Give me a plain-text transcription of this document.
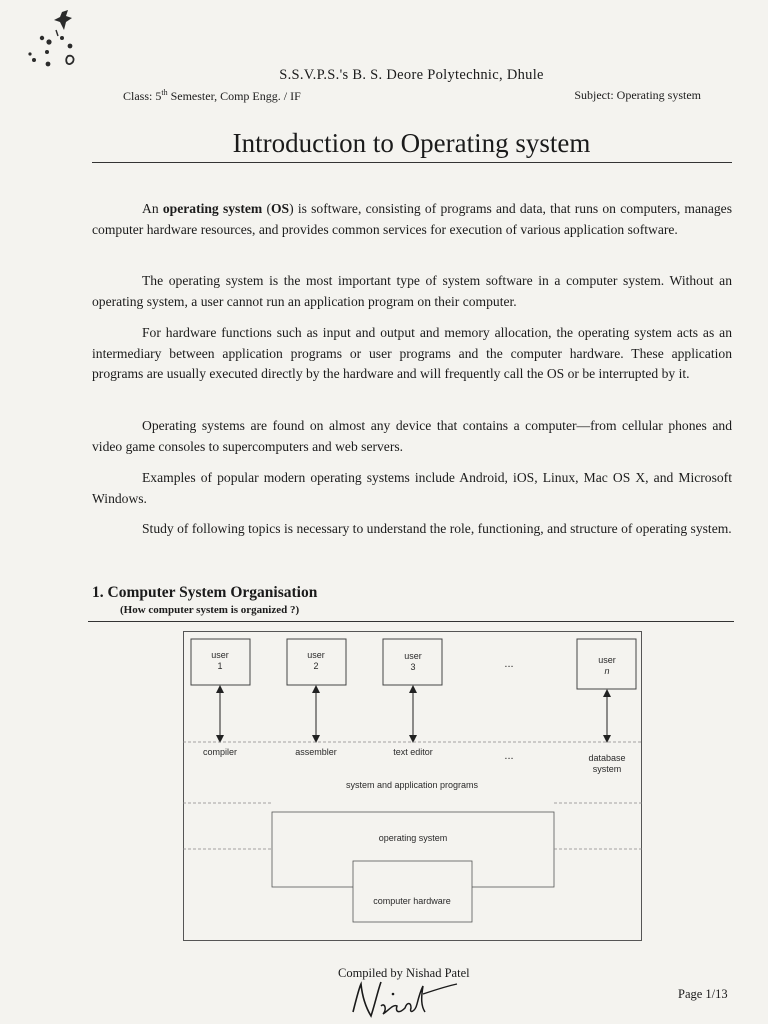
S.S.V.P.S.'s B. S. Deore Polytechnic, Dhule
Class: 5th Semester, Comp Engg. / IF	Subject: Operating system
Introduction to Operating system

An operating system (OS) is software, consisting of programs and data, that runs on computers, manages computer hardware resources, and provides common services for execution of various application software.

The operating system is the most important type of system software in a computer system. Without an operating system, a user cannot run an application program on their computer.

For hardware functions such as input and output and memory allocation, the operating system acts as an intermediary between application programs or user programs and the computer hardware. These application programs are usually executed directly by the hardware and will frequently call the OS or be interrupted by it.

Operating systems are found on almost any device that contains a computer—from cellular phones and video game consoles to supercomputers and web servers.

Examples of popular modern operating systems include Android, iOS, Linux, Mac OS X, and Microsoft Windows.

Study of following topics is necessary to understand the role, functioning, and structure of operating system.

1. Computer System Organisation
(How computer system is organized ?)
user
1
user
2
user
3
user
n
...
compiler	assembler	text editor	...	database
system
system and application programs
operating system
computer hardware
Compiled by Nishad Patel
Page 1/13
